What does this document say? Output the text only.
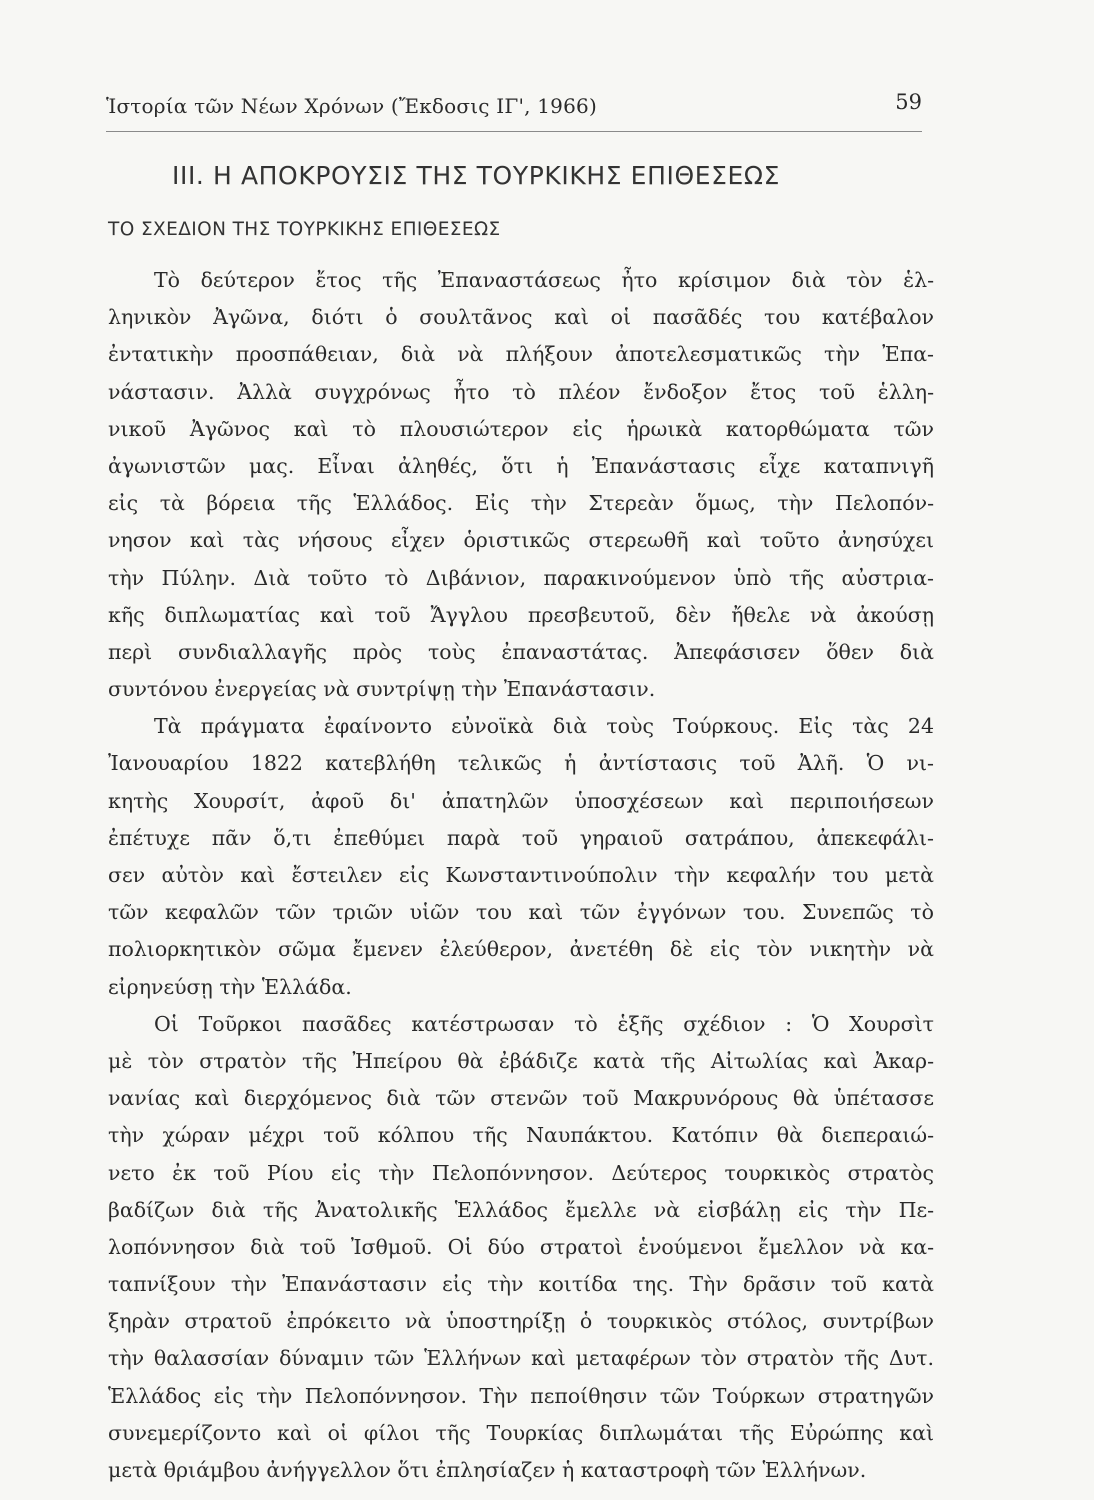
Ἱστορία τῶν Νέων Χρόνων (Ἔκδοσις ΙΓ', 1966)	59
III. Η ΑΠΟΚΡΟΥΣΙΣ ΤΗΣ ΤΟΥΡΚΙΚΗΣ ΕΠΙΘΕΣΕΩΣ
ΤΟ ΣΧΕΔΙΟΝ ΤΗΣ ΤΟΥΡΚΙΚΗΣ ΕΠΙΘΕΣΕΩΣ
Τὸ δεύτερον ἔτος τῆς Ἐπαναστάσεως ἦτο κρίσιμον διὰ τὸν ἑλ-
ληνικὸν Ἀγῶνα, διότι ὁ σουλτᾶνος καὶ οἱ πασᾶδές του κατέβαλον
ἐντατικὴν προσπάθειαν, διὰ νὰ πλήξουν ἀποτελεσματικῶς τὴν Ἐπα-
νάστασιν. Ἀλλὰ συγχρόνως ἦτο τὸ πλέον ἔνδοξον ἔτος τοῦ ἑλλη-
νικοῦ Ἀγῶνος καὶ τὸ πλουσιώτερον εἰς ἡρωικὰ κατορθώματα τῶν
ἀγωνιστῶν μας. Εἶναι ἀληθές, ὅτι ἡ Ἐπανάστασις εἶχε καταπνιγῆ
εἰς τὰ βόρεια τῆς Ἑλλάδος. Εἰς τὴν Στερεὰν ὅμως, τὴν Πελοπόν-
νησον καὶ τὰς νήσους εἶχεν ὁριστικῶς στερεωθῆ καὶ τοῦτο ἀνησύχει
τὴν Πύλην. Διὰ τοῦτο τὸ Διβάνιον, παρακινούμενον ὑπὸ τῆς αὐστρια-
κῆς διπλωματίας καὶ τοῦ Ἄγγλου πρεσβευτοῦ, δὲν ἤθελε νὰ ἀκούσῃ
περὶ συνδιαλλαγῆς πρὸς τοὺς ἐπαναστάτας. Ἀπεφάσισεν ὅθεν διὰ
συντόνου ἐνεργείας νὰ συντρίψῃ τὴν Ἐπανάστασιν.
Τὰ πράγματα ἐφαίνοντο εὐνοϊκὰ διὰ τοὺς Τούρκους. Εἰς τὰς 24
Ἰανουαρίου 1822 κατεβλήθη τελικῶς ἡ ἀντίστασις τοῦ Ἀλῆ. Ὁ νι-
κητὴς Χουρσίτ, ἀφοῦ δι' ἀπατηλῶν ὑποσχέσεων καὶ περιποιήσεων
ἐπέτυχε πᾶν ὅ,τι ἐπεθύμει παρὰ τοῦ γηραιοῦ σατράπου, ἀπεκεφάλι-
σεν αὐτὸν καὶ ἔστειλεν εἰς Κωνσταντινούπολιν τὴν κεφαλήν του μετὰ
τῶν κεφαλῶν τῶν τριῶν υἱῶν του καὶ τῶν ἐγγόνων του. Συνεπῶς τὸ
πολιορκητικὸν σῶμα ἔμενεν ἐλεύθερον, ἀνετέθη δὲ εἰς τὸν νικητὴν νὰ
εἰρηνεύσῃ τὴν Ἑλλάδα.
Οἱ Τοῦρκοι πασᾶδες κατέστρωσαν τὸ ἑξῆς σχέδιον : Ὁ Χουρσὶτ
μὲ τὸν στρατὸν τῆς Ἠπείρου θὰ ἐβάδιζε κατὰ τῆς Αἰτωλίας καὶ Ἀκαρ-
νανίας καὶ διερχόμενος διὰ τῶν στενῶν τοῦ Μακρυνόρους θὰ ὑπέτασσε
τὴν χώραν μέχρι τοῦ κόλπου τῆς Ναυπάκτου. Κατόπιν θὰ διεπεραιώ-
νετο ἐκ τοῦ Ρίου εἰς τὴν Πελοπόννησον. Δεύτερος τουρκικὸς στρατὸς
βαδίζων διὰ τῆς Ἀνατολικῆς Ἑλλάδος ἔμελλε νὰ εἰσβάλῃ εἰς τὴν Πε-
λοπόννησον διὰ τοῦ Ἰσθμοῦ. Οἱ δύο στρατοὶ ἑνούμενοι ἔμελλον νὰ κα-
ταπνίξουν τὴν Ἐπανάστασιν εἰς τὴν κοιτίδα της. Τὴν δρᾶσιν τοῦ κατὰ
ξηρὰν στρατοῦ ἐπρόκειτο νὰ ὑποστηρίξῃ ὁ τουρκικὸς στόλος, συντρίβων
τὴν θαλασσίαν δύναμιν τῶν Ἑλλήνων καὶ μεταφέρων τὸν στρατὸν τῆς Δυτ.
Ἑλλάδος εἰς τὴν Πελοπόννησον. Τὴν πεποίθησιν τῶν Τούρκων στρατηγῶν
συνεμερίζοντο καὶ οἱ φίλοι τῆς Τουρκίας διπλωμάται τῆς Εὐρώπης καὶ
μετὰ θριάμβου ἀνήγγελλον ὅτι ἐπλησίαζεν ἡ καταστροφὴ τῶν Ἑλλήνων.
